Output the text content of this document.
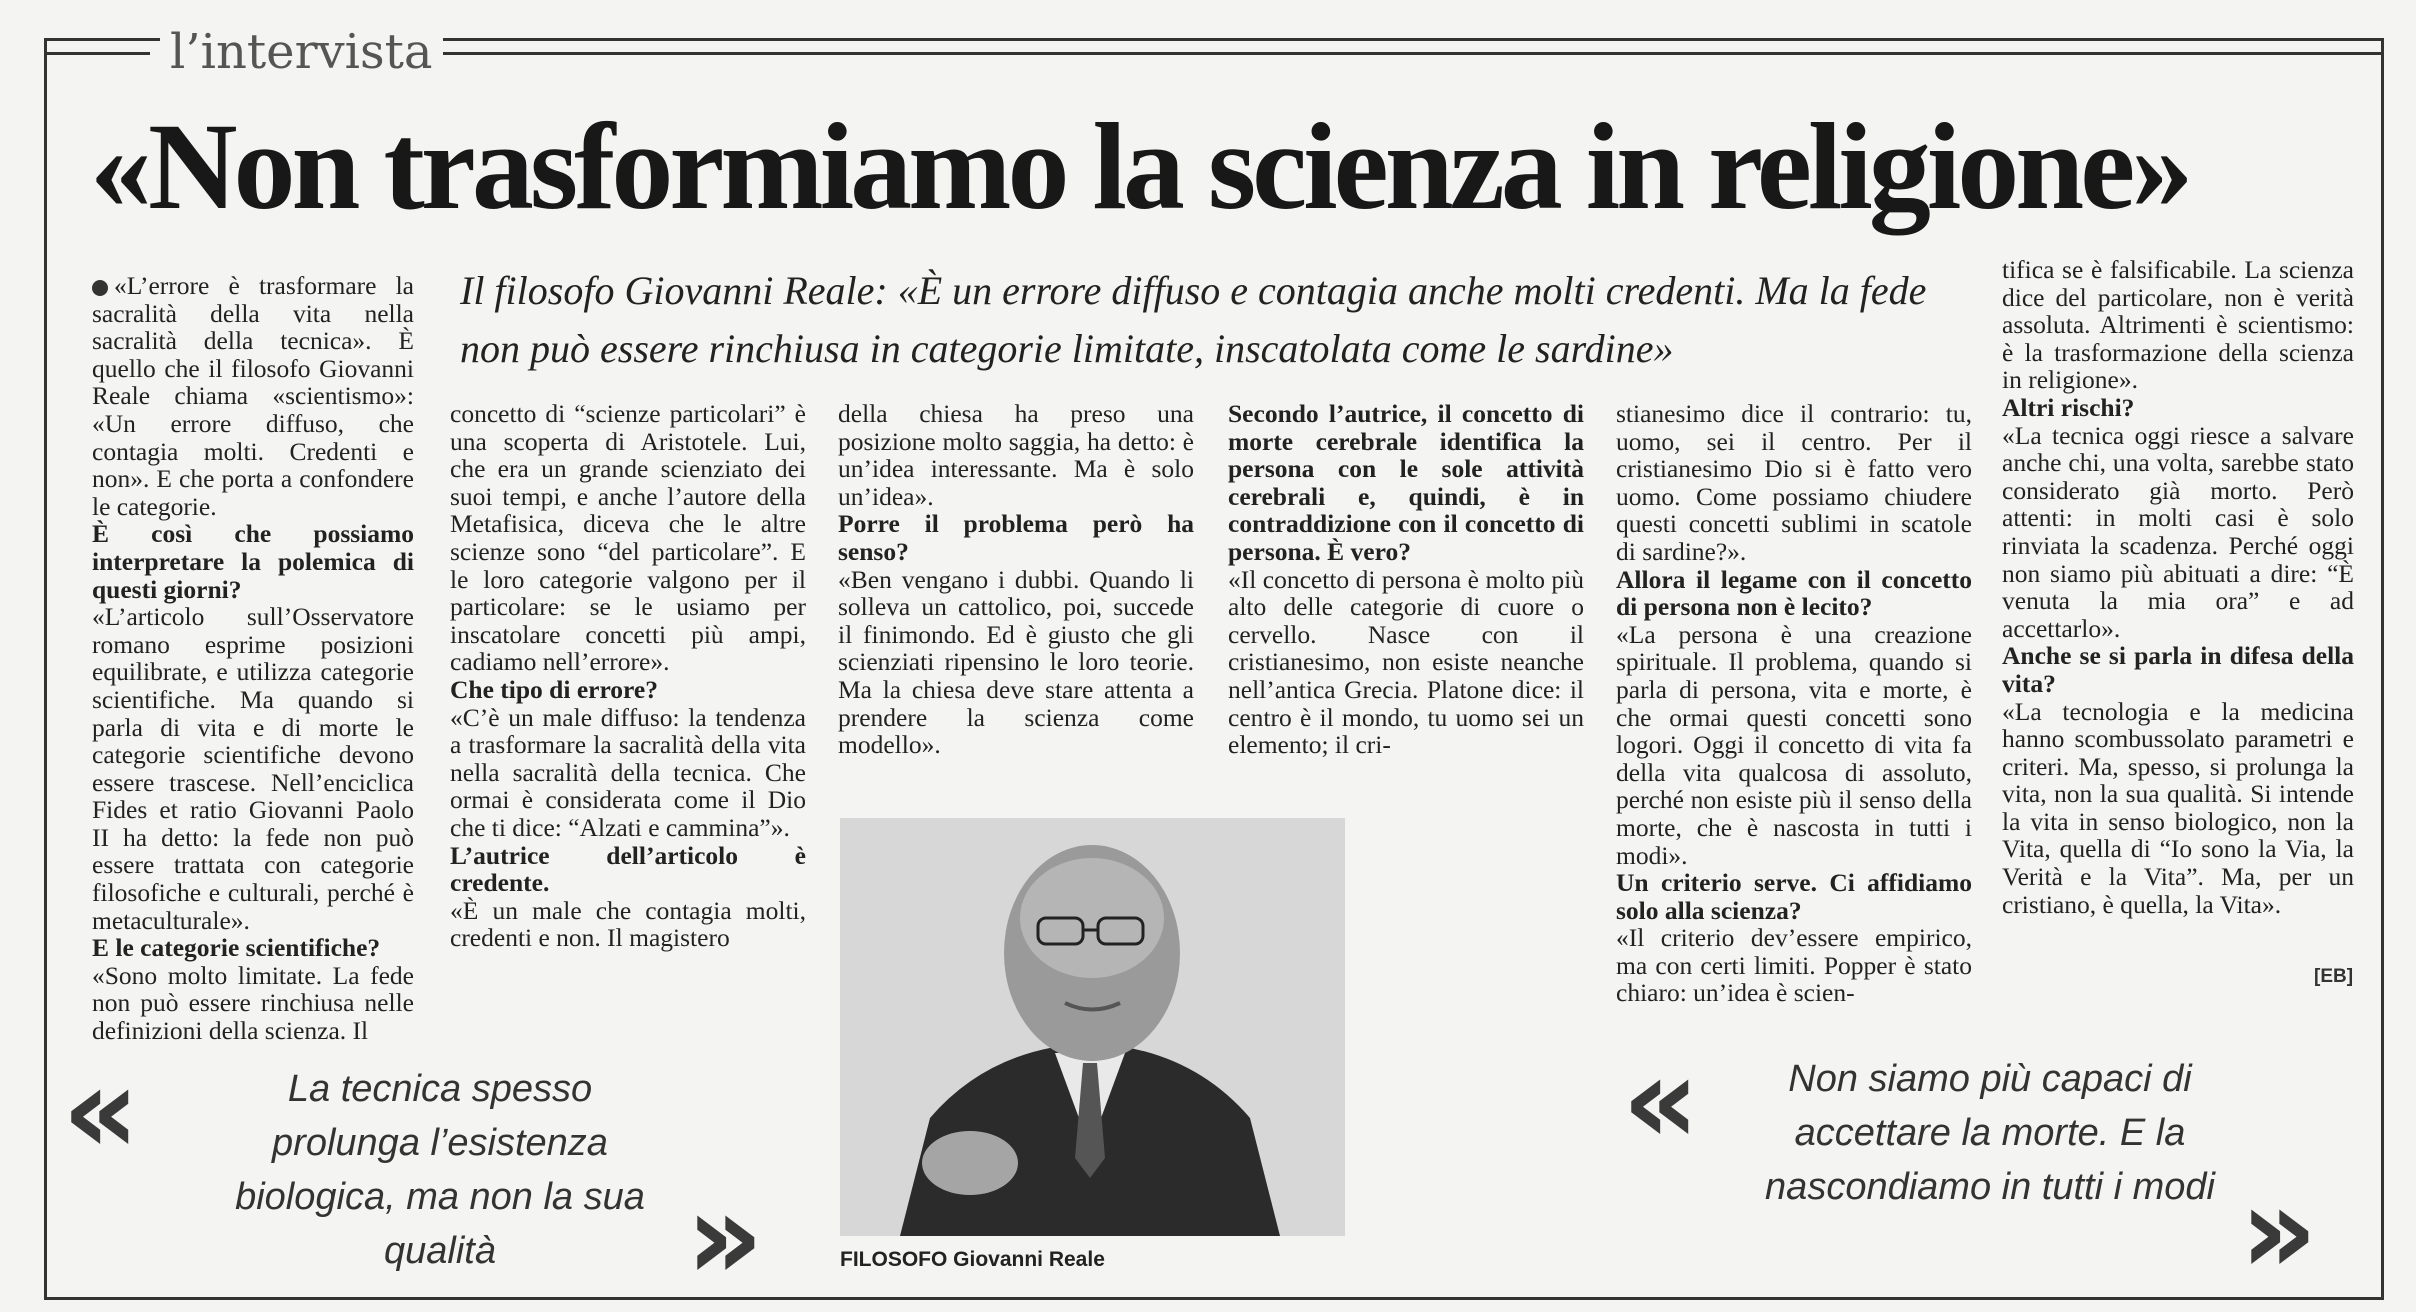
l’intervista
«Non trasformiamo la scienza in religione»
Il filosofo Giovanni Reale: «È un errore diffuso e contagia anche molti credenti. Ma la fede non può essere rinchiusa in categorie limitate, inscatolata come le sardine»

«L’errore è trasformare la sacralità della vita nella sacralità della tecnica». È quello che il filosofo Giovanni Reale chiama «scientismo»: «Un errore diffuso, che contagia molti. Credenti e non». E che porta a confondere le categorie.

È così che possiamo interpretare la polemica di questi giorni?

«L’articolo sull’Osservatore romano esprime posizioni equilibrate, e utilizza categorie scientifiche. Ma quando si parla di vita e di morte le categorie scientifiche devono essere trascese. Nell’enciclica Fides et ratio Giovanni Paolo II ha detto: la fede non può essere trattata con categorie filosofiche e culturali, perché è metaculturale».

E le categorie scientifiche?

«Sono molto limitate. La fede non può essere rinchiusa nelle definizioni della scienza. Il

concetto di “scienze particolari” è una scoperta di Aristotele. Lui, che era un grande scienziato dei suoi tempi, e anche l’autore della Metafisica, diceva che le altre scienze sono “del particolare”. E le loro categorie valgono per il particolare: se le usiamo per inscatolare concetti più ampi, cadiamo nell’errore».

Che tipo di errore?

«C’è un male diffuso: la tendenza a trasformare la sacralità della vita nella sacralità della tecnica. Che ormai è considerata come il Dio che ti dice: “Alzati e cammina”».

L’autrice dell’articolo è credente.

«È un male che contagia molti, credenti e non. Il magistero

della chiesa ha preso una posizione molto saggia, ha detto: è un’idea interessante. Ma è solo un’idea».

Porre il problema però ha senso?

«Ben vengano i dubbi. Quando li solleva un cattolico, poi, succede il finimondo. Ed è giusto che gli scienziati ripensino le loro teorie. Ma la chiesa deve stare attenta a prendere la scienza come modello».

Secondo l’autrice, il concetto di morte cerebrale identifica la persona con le sole attività cerebrali e, quindi, è in contraddizione con il concetto di persona. È vero?

«Il concetto di persona è molto più alto delle categorie di cuore o cervello. Nasce con il cristianesimo, non esiste neanche nell’antica Grecia. Platone dice: il centro è il mondo, tu uomo sei un elemento; il cri-

stianesimo dice il contrario: tu, uomo, sei il centro. Per il cristianesimo Dio si è fatto vero uomo. Come possiamo chiudere questi concetti sublimi in scatole di sardine?».

Allora il legame con il concetto di persona non è lecito?

«La persona è una creazione spirituale. Il problema, quando si parla di persona, vita e morte, è che ormai questi concetti sono logori. Oggi il concetto di vita fa della vita qualcosa di assoluto, perché non esiste più il senso della morte, che è nascosta in tutti i modi».

Un criterio serve. Ci affidiamo solo alla scienza?

«Il criterio dev’essere empirico, ma con certi limiti. Popper è stato chiaro: un’idea è scien-

tifica se è falsificabile. La scienza dice del particolare, non è verità assoluta. Altrimenti è scientismo: è la trasformazione della scienza in religione».

Altri rischi?

«La tecnica oggi riesce a salvare anche chi, una volta, sarebbe stato considerato già morto. Però attenti: in molti casi è solo rinviata la scadenza. Perché oggi non siamo più abituati a dire: “È venuta la mia ora” e ad accettarlo».

Anche se si parla in difesa della vita?

«La tecnologia e la medicina hanno scombussolato parametri e criteri. Ma, spesso, si prolunga la vita, non la sua qualità. Si intende la vita in senso biologico, non la Vita, quella di “Io sono la Via, la Verità e la Vita”. Ma, per un cristiano, è quella, la Vita».

[EB]
FILOSOFO Giovanni Reale
«	La tecnica spesso prolunga l’esistenza biologica, ma non la sua qualità	»
«	Non siamo più capaci di accettare la morte. E la nascondiamo in tutti i modi »
